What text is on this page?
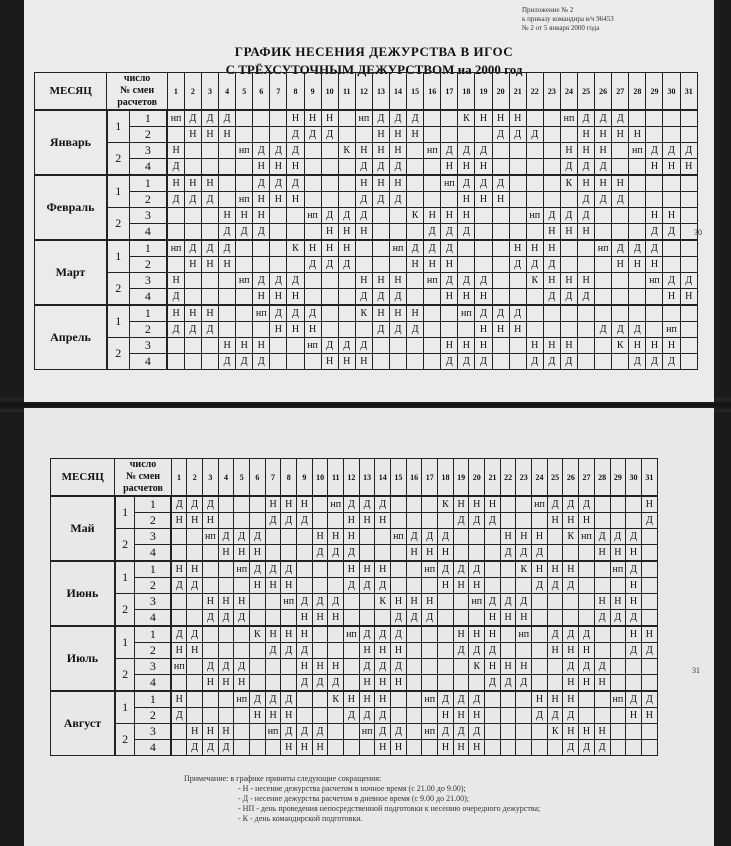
Приложение № 2
к приказу командира в/ч 96453
№ 2 от 5 января 2000 года
ГРАФИК НЕСЕНИЯ ДЕЖУРСТВА В ИГОС
С ТРЁХСУТОЧНЫМ ДЕЖУРСТВОМ на 2000 год
МЕСЯЦ	число
№ смен
расчетов		1	2	3	4	5	6	7	8	9	10	11	12	13	14	15	16	17	18	19	20	21	22	23	24	25	26	27	28	29	30	31
Январь	1	1	нп	Д	Д	Д				Н	Н	Н		нп	Д	Д	Д			К	Н	Н	Н			нп	Д	Д	Д				
		2		Н	Н	Н				Д	Д	Д			Н	Н	Н					Д	Д	Д			Н	Н	Н	Н			
	2	3	Н				нп	Д	Д	Д			К	Н	Н	Н		нп	Д	Д	Д					Н	Н	Н		нп	Д	Д	Д
		4	Д					Н	Н	Н				Д	Д	Д			Н	Н	Н					Д	Д	Д			Н	Н	Н
Февраль	1	1	Н	Н	Н			Д	Д	Д				Н	Н	Н			нп	Д	Д	Д				К	Н	Н	Н				
		2	Д	Д	Д		нп	Н	Н	Н				Д	Д	Д				Н	Н	Н					Д	Д	Д				
	2	3				Н	Н	Н			нп	Д	Д	Д			К	Н	Н	Н				нп	Д	Д	Д				Н	Н	
		4				Д	Д	Д				Н	Н	Н				Д	Д	Д					Н	Н	Н				Д	Д	
Март	1	1	нп	Д	Д	Д				К	Н	Н	Н			нп	Д	Д	Д				Н	Н	Н			нп	Д	Д	Д		
		2		Н	Н	Н					Д	Д	Д				Н	Н	Н				Д	Д	Д				Н	Н	Н		
	2	3	Н				нп	Д	Д	Д				Н	Н	Н		нп	Д	Д	Д			К	Н	Н	Н				нп	Д	Д
		4	Д					Н	Н	Н				Д	Д	Д			Н	Н	Н				Д	Д	Д					Н	Н
Апрель	1	1	Н	Н	Н			нп	Д	Д	Д			К	Н	Н	Н			нп	Д	Д	Д										
		2	Д	Д	Д				Н	Н	Н				Д	Д	Д				Н	Н	Н					Д	Д	Д		нп	
	2	3				Н	Н	Н			нп	Д	Д	Д					Н	Н	Н			Н	Н	Н			К	Н	Н	Н	
		4				Д	Д	Д				Н	Н	Н					Д	Д	Д			Д	Д	Д				Д	Д	Д	
30
МЕСЯЦ	число
№ смен
расчетов		1	2	3	4	5	6	7	8	9	10	11	12	13	14	15	16	17	18	19	20	21	22	23	24	25	26	27	28	29	30	31
Май	1	1	Д	Д	Д				Н	Н	Н		нп	Д	Д	Д				К	Н	Н	Н			нп	Д	Д	Д				Н
		2	Н	Н	Н				Д	Д	Д			Н	Н	Н					Д	Д	Д				Н	Н	Н				Д
	2	3			нп	Д	Д	Д				Н	Н	Н			нп	Д	Д	Д				Н	Н	Н		К	нп	Д	Д	Д	
		4				Н	Н	Н				Д	Д	Д				Н	Н	Н				Д	Д	Д				Н	Н	Н	
Июнь	1	1	Н	Н			нп	Д	Д	Д				Н	Н	Н			нп	Д	Д	Д			К	Н	Н	Н			нп	Д	
		2	Д	Д				Н	Н	Н				Д	Д	Д				Н	Н	Н				Д	Д	Д				Н	
	2	3			Н	Н	Н			нп	Д	Д	Д			К	Н	Н	Н			нп	Д	Д	Д					Н	Н	Н	
		4			Д	Д	Д				Н	Н	Н				Д	Д	Д				Н	Н	Н					Д	Д	Д	
Июль	1	1	Д	Д				К	Н	Н	Н			нп	Д	Д	Д				Н	Н	Н		нп		Д	Д	Д			Н	Н
		2	Н	Н					Д	Д	Д				Н	Н	Н				Д	Д	Д				Н	Н	Н			Д	Д
	2	3	нп		Д	Д	Д				Н	Н	Н		Д	Д	Д					К	Н	Н	Н			Д	Д	Д			
		4			Н	Н	Н				Д	Д	Д		Н	Н	Н						Д	Д	Д			Н	Н	Н			
Август	1	1	Н				нп	Д	Д	Д			К	Н	Н	Н			нп	Д	Д	Д				Н	Н	Н			нп	Д	Д
		2	Д					Н	Н	Н				Д	Д	Д				Н	Н	Н				Д	Д	Д				Н	Н
	2	3		Н	Н	Н			нп	Д	Д	Д			нп	Д	Д		нп	Д	Д	Д					К	Н	Н	Н			
		4		Д	Д	Д				Н	Н	Н				Н	Н			Н	Н	Н						Д	Д	Д			
31
Примечание: в графике приняты следующие сокращения:
- Н - несение дежурства расчетом в ночное время (с 21.00 до 9.00);
- Д - несение дежурства расчетом в дневное время (с 9.00 до 21.00);
- НП - день проведения непосредственной подготовки к несению очередного дежурства;
- К - день командирской подготовки.
